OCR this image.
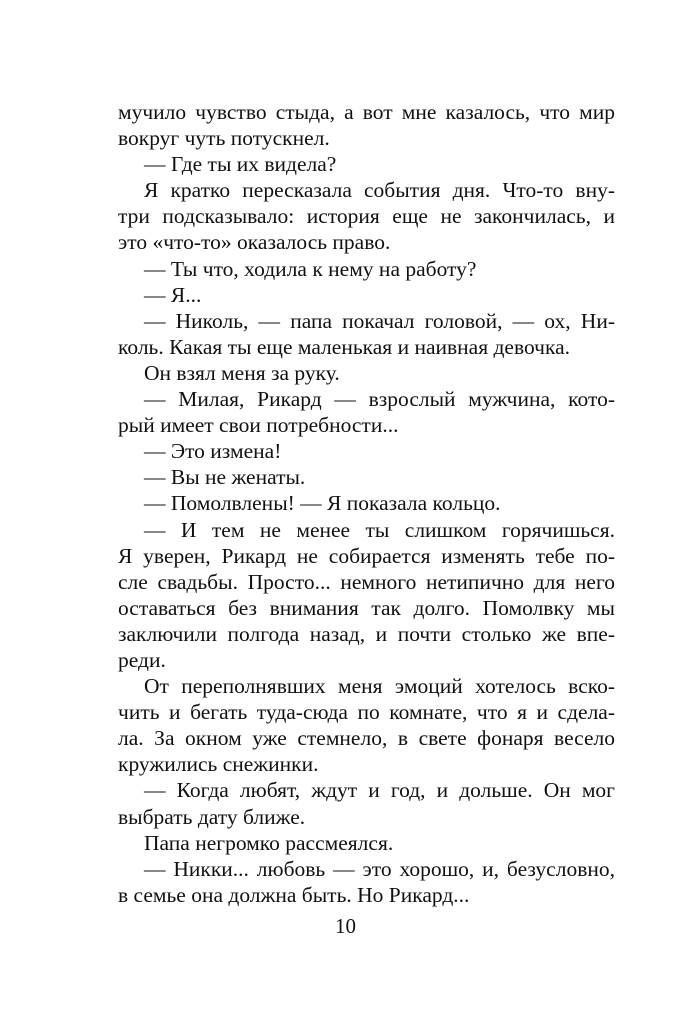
мучило чувство стыда, а вот мне казалось, что мир
вокруг чуть потускнел.
— Где ты их видела?
Я кратко пересказала события дня. Что-то вну-
три подсказывало: история еще не закончилась, и
это «что-то» оказалось право.
— Ты что, ходила к нему на работу?
— Я...
— Николь, — папа покачал головой, — ох, Ни-
коль. Какая ты еще маленькая и наивная девочка.
Он взял меня за руку.
— Милая, Рикард — взрослый мужчина, кото-
рый имеет свои потребности...
— Это измена!
— Вы не женаты.
— Помолвлены! — Я показала кольцо.
— И тем не менее ты слишком горячишься.
Я уверен, Рикард не собирается изменять тебе по-
сле свадьбы. Просто... немного нетипично для него
оставаться без внимания так долго. Помолвку мы
заключили полгода назад, и почти столько же впе-
реди.
От переполнявших меня эмоций хотелось вско-
чить и бегать туда-сюда по комнате, что я и сдела-
ла. За окном уже стемнело, в свете фонаря весело
кружились снежинки.
— Когда любят, ждут и год, и дольше. Он мог
выбрать дату ближе.
Папа негромко рассмеялся.
— Никки... любовь — это хорошо, и, безусловно,
в семье она должна быть. Но Рикард...
10
